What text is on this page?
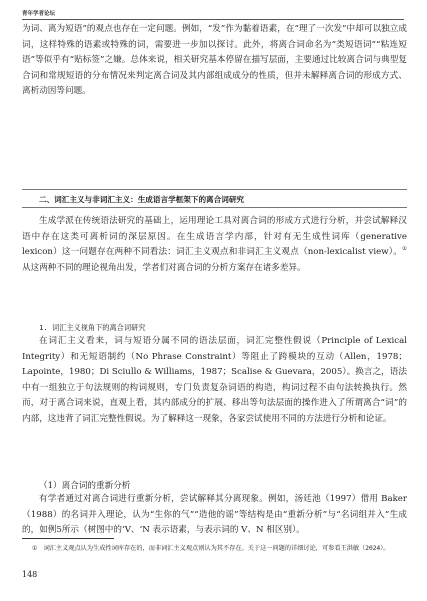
青年学者论坛

为词、离为短语”的观点也存在一定问题。例如，“发”作为黏着语素，在“理了一次发”中却可以独立成词，这样特殊的语素或特殊的词，需要进一步加以探讨。此外，将离合词命名为“类短语词”“粘连短语”等似乎有“贴标签”之嫌。总体来说，相关研究基本停留在描写层面，主要通过比较离合词与典型复合词和常规短语的分布情况来判定离合词及其内部组成成分的性质，但并未解释离合词的形成方式、离析动因等问题。

二、词汇主义与非词汇主义：生成语言学框架下的离合词研究

生成学派在传统语法研究的基础上，运用理论工具对离合词的形成方式进行分析，并尝试解释汉语中存在这类可离析词的深层原因。在生成语言学内部，针对有无生成性词库（generative lexicon）这一问题存在两种不同看法：词汇主义观点和非词汇主义观点（non-lexicalist view）。①从这两种不同的理论视角出发，学者们对离合词的分析方案存在诸多差异。

1. 词汇主义视角下的离合词研究

在词汇主义看来，词与短语分属不同的语法层面，词汇完整性假说（Principle of Lexical Integrity）和无短语制约（No Phrase Constraint）等阻止了跨模块的互动（Allen，1978；Lapointe，1980；Di Sciullo & Williams，1987；Scalise & Guevara，2005）。换言之，语法中有一组独立于句法规则的构词规则，专门负责复杂词语的构造，构词过程不由句法转换执行。然而，对于离合词来说，直观上看，其内部成分的扩展、移出等句法层面的操作进入了所谓离合“词”的内部，这违背了词汇完整性假说。为了解释这一现象，各家尝试使用不同的方法进行分析和论证。

（1）离合词的重新分析

有学者通过对离合词进行重新分析，尝试解释其分离现象。例如，汤廷池（1997）借用 Baker（1988）的名词并入理论，认为“生你的气”“造他的谣”等结构是由“重新分析”与“名词组并入”生成的，如例5所示（树图中的‘V、‘N 表示语素，与表示词的 V、N 相区别）。

① 词汇主义观点认为生成性词库存在的，而非词汇主义观点则认为其不存在。关于这一问题的详细讨论，可参看王洪敏（2024）。
148
